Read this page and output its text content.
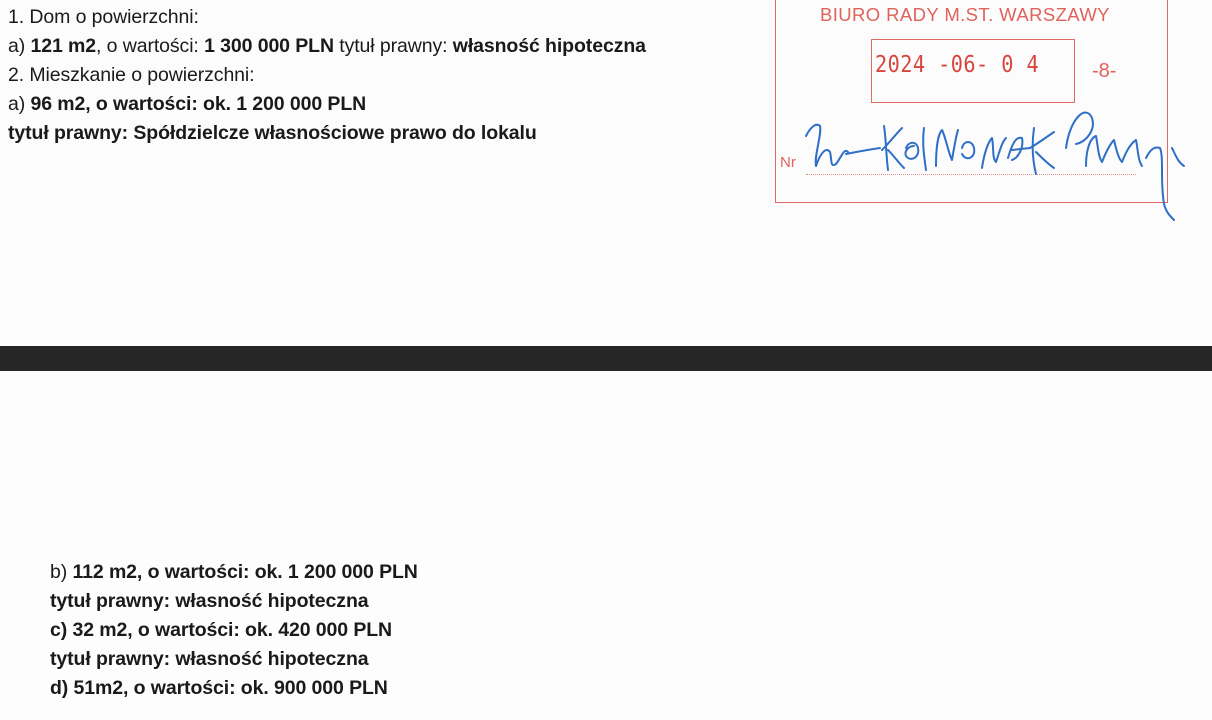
1. Dom o powierzchni:
a) 121 m2, o wartości: 1 300 000 PLN tytuł prawny: własność hipoteczna
2. Mieszkanie o powierzchni:
a) 96 m2, o wartości: ok. 1 200 000 PLN
tytuł prawny: Spółdzielcze własnościowe prawo do lokalu
BIURO RADY M.ST. WARSZAWY
2024 -06- 0 4	-8-
Nr
b) 112 m2, o wartości: ok. 1 200 000 PLN
tytuł prawny: własność hipoteczna
c) 32 m2, o wartości: ok. 420 000 PLN
tytuł prawny: własność hipoteczna
d) 51m2, o wartości: ok. 900 000 PLN
